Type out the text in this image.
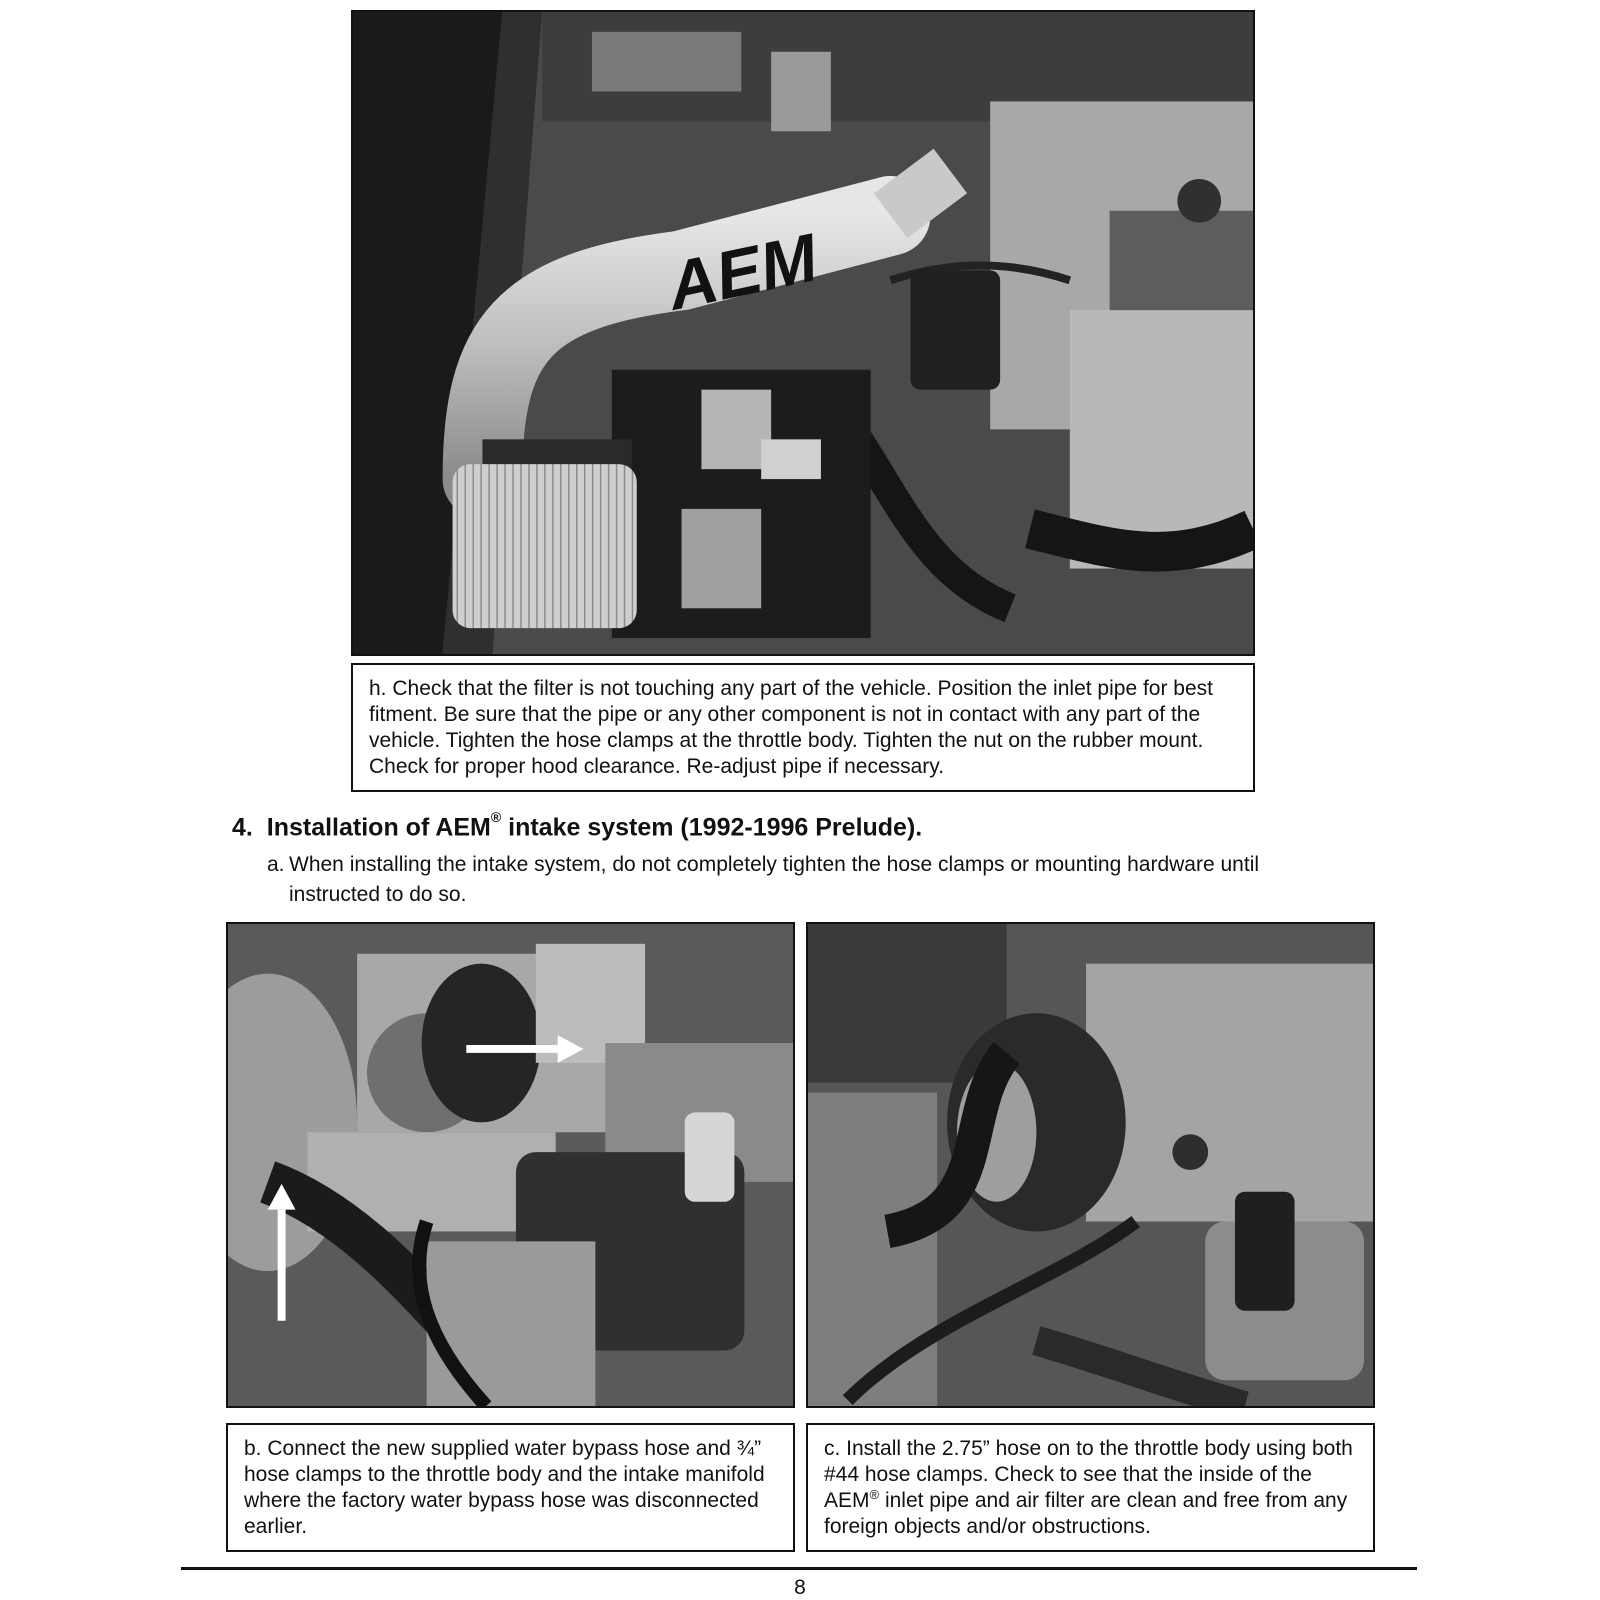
AEM
h. Check that the filter is not touching any part of the vehicle. Position the inlet pipe for best fitment. Be sure that the pipe or any other component is not in contact with any part of the vehicle. Tighten the hose clamps at the throttle body. Tighten the nut on the rubber mount. Check for proper hood clearance. Re-adjust pipe if necessary.
4. Installation of AEM® intake system (1992-1996 Prelude).
a. When installing the intake system, do not completely tighten the hose clamps or mounting hardware until
instructed to do so.
b. Connect the new supplied water bypass hose and ¾” hose clamps to the throttle body and the intake manifold where the factory water bypass hose was disconnected earlier.
c. Install the 2.75” hose on to the throttle body using both #44 hose clamps. Check to see that the inside of the AEM® inlet pipe and air filter are clean and free from any foreign objects and/or obstructions.
8
